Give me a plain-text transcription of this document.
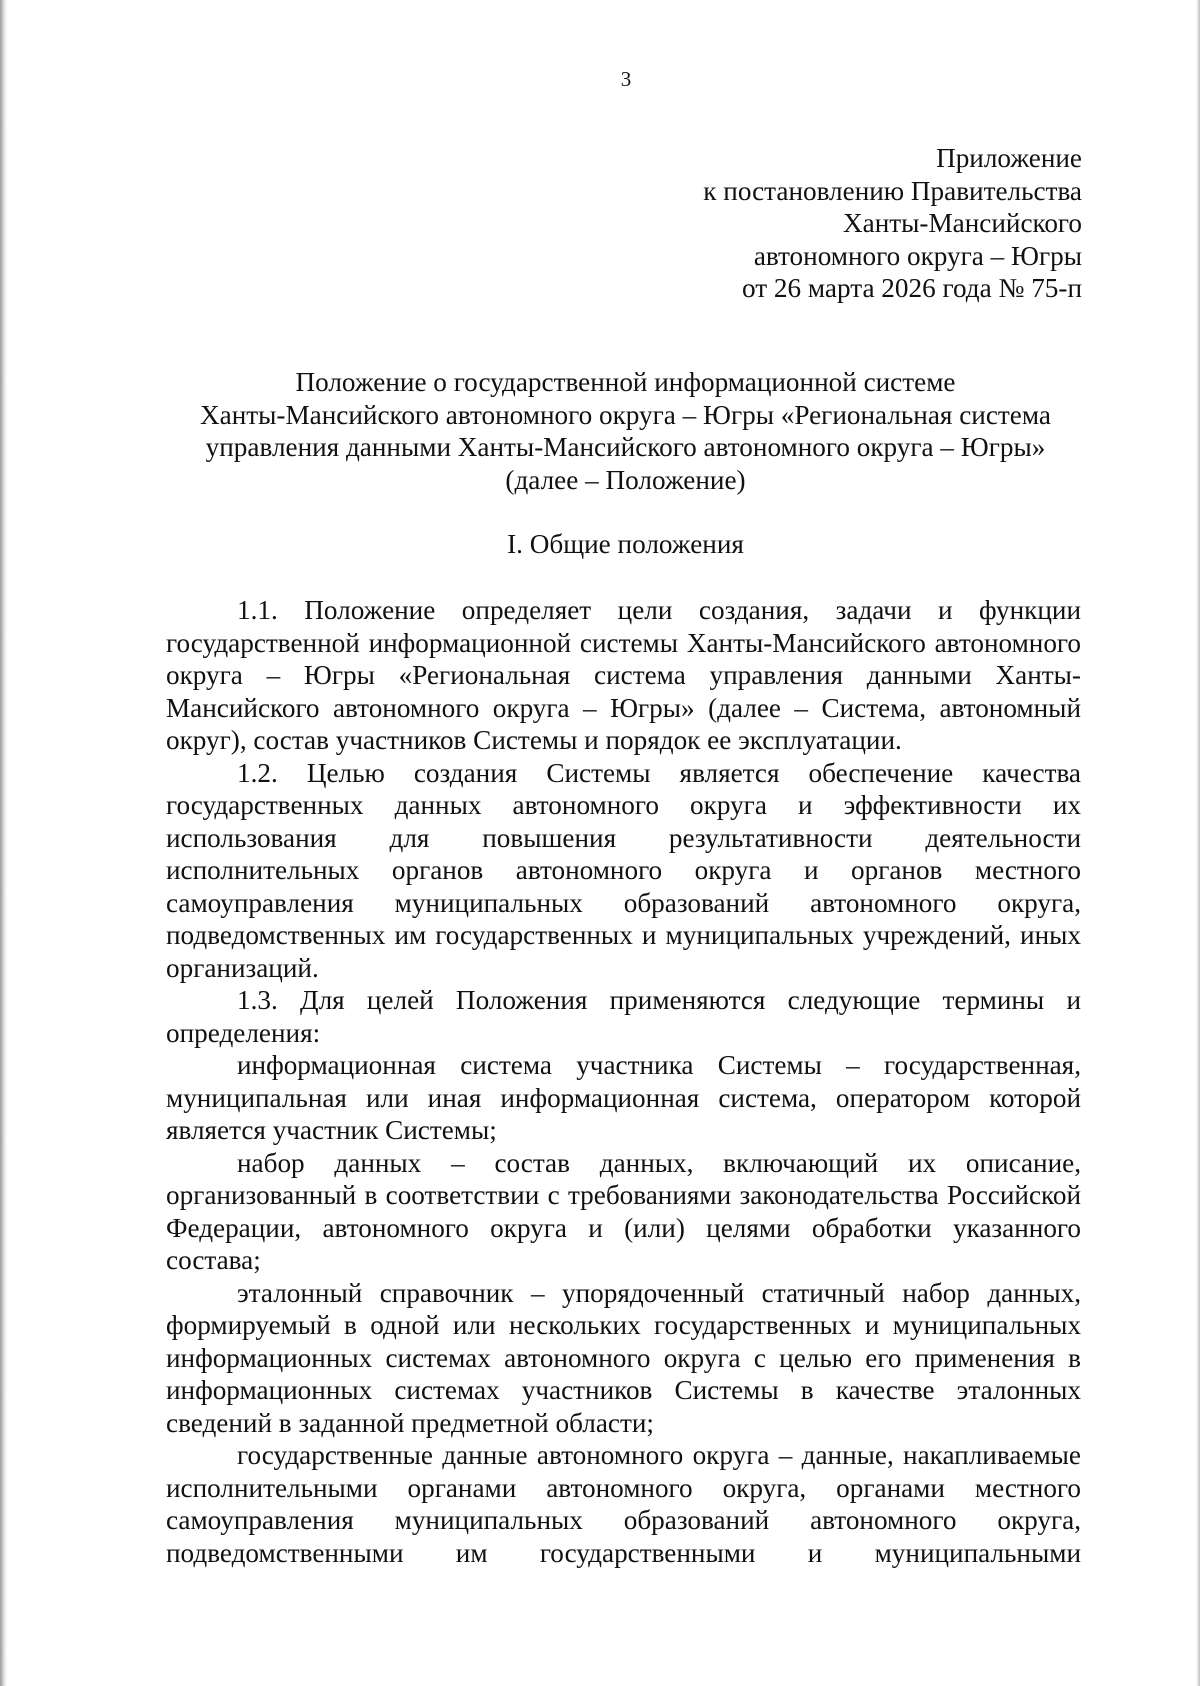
3
Приложение
к постановлению Правительства
Ханты-Мансийского
автономного округа – Югры
от 26 марта 2026 года № 75-п
Положение о государственной информационной системе
Ханты-Мансийского автономного округа – Югры «Региональная система
управления данными Ханты-Мансийского автономного округа – Югры»
(далее – Положение)
I. Общие положения

1.1. Положение определяет цели создания, задачи и функции государственной информационной системы Ханты-Мансийского автономного округа – Югры «Региональная система управления данными Ханты-Мансийского автономного округа – Югры» (далее – Система, автономный округ), состав участников Системы и порядок ее эксплуатации.

1.2. Целью создания Системы является обеспечение качества государственных данных автономного округа и эффективности их использования для повышения результативности деятельности исполнительных органов автономного округа и органов местного самоуправления муниципальных образований автономного округа, подведомственных им государственных и муниципальных учреждений, иных организаций.

1.3. Для целей Положения применяются следующие термины и определения:

информационная система участника Системы – государственная, муниципальная или иная информационная система, оператором которой является участник Системы;

набор данных – состав данных, включающий их описание, организованный в соответствии с требованиями законодательства Российской Федерации, автономного округа и (или) целями обработки указанного состава;

эталонный справочник – упорядоченный статичный набор данных, формируемый в одной или нескольких государственных и муниципальных информационных системах автономного округа с целью его применения в информационных системах участников Системы в качестве эталонных сведений в заданной предметной области;

государственные данные автономного округа – данные, накапливаемые исполнительными органами автономного округа, органами местного самоуправления муниципальных образований автономного округа, подведомственными им государственными и муниципальными
